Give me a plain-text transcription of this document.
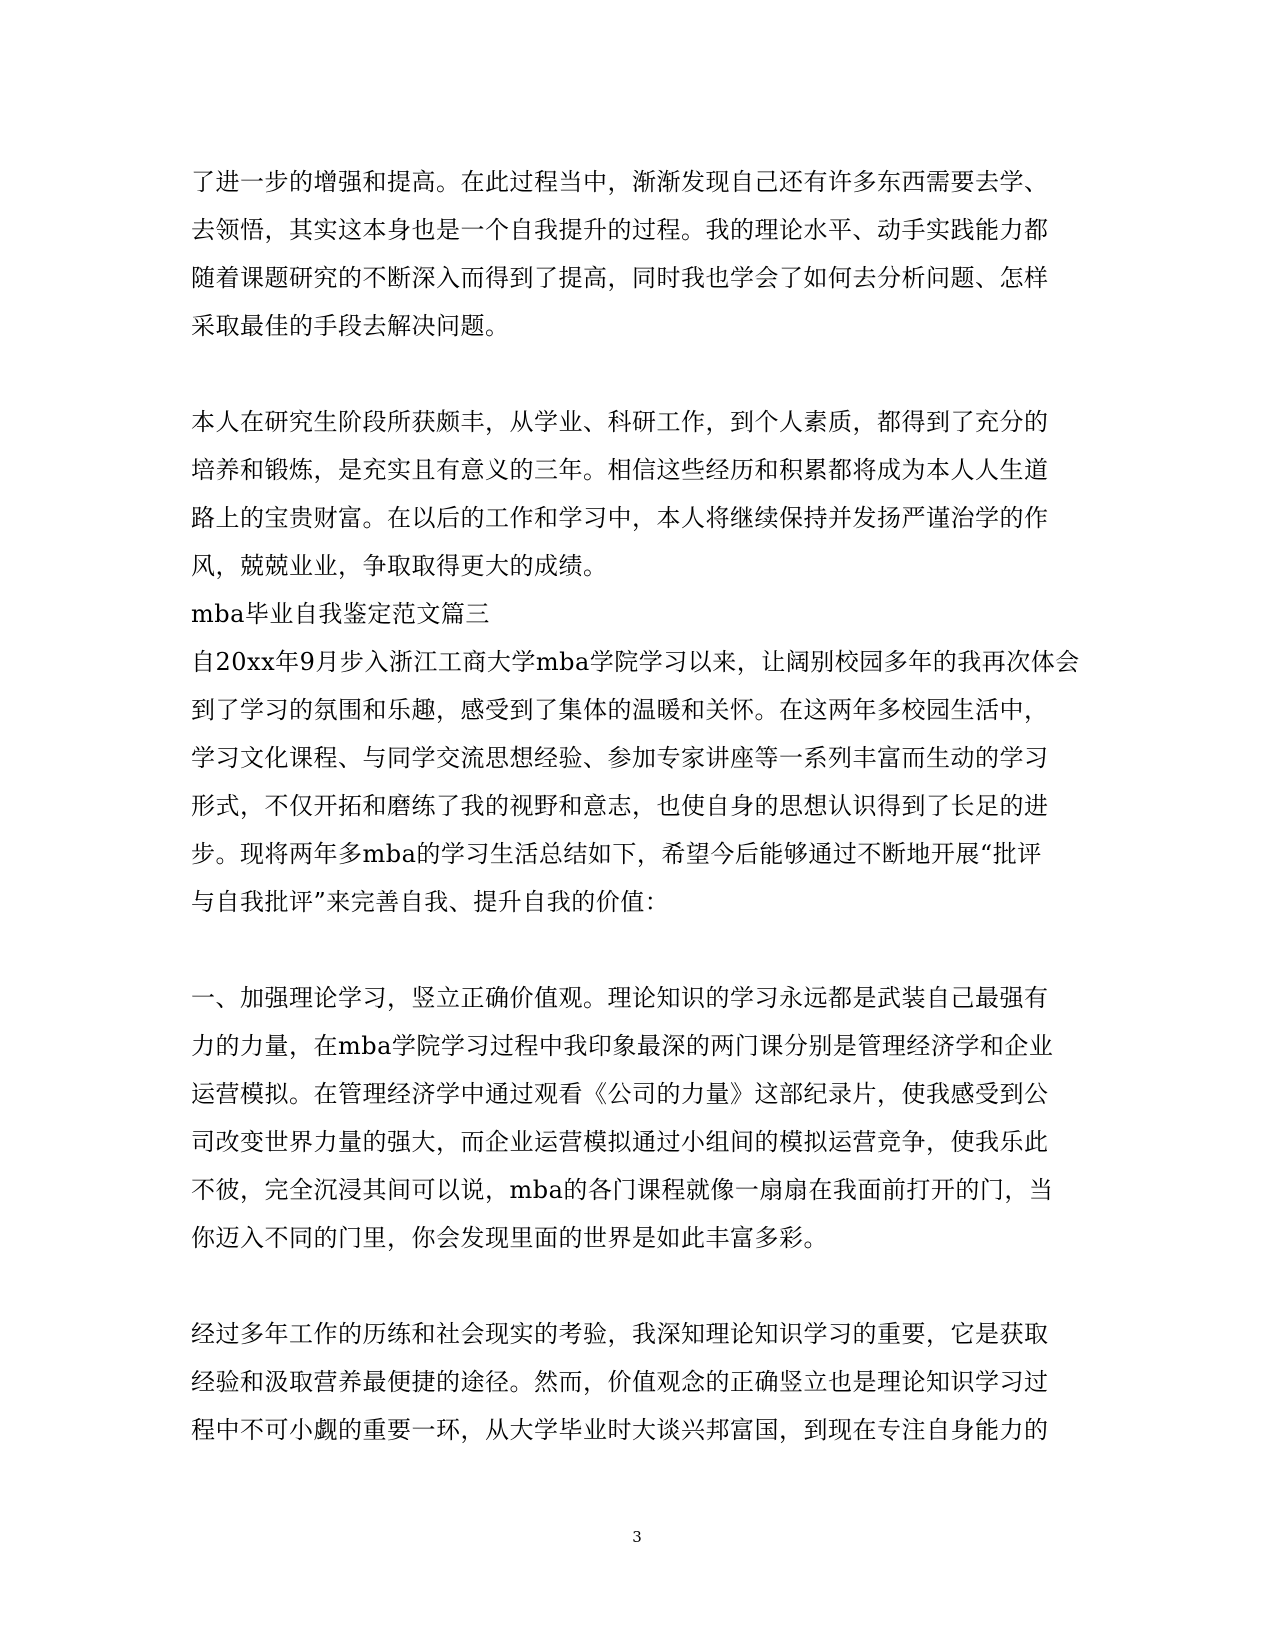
了进一步的增强和提高。在此过程当中，渐渐发现自己还有许多东西需要去学、
去领悟，其实这本身也是一个自我提升的过程。我的理论水平、动手实践能力都
随着课题研究的不断深入而得到了提高，同时我也学会了如何去分析问题、怎样
采取最佳的手段去解决问题。
本人在研究生阶段所获颇丰，从学业、科研工作，到个人素质，都得到了充分的
培养和锻炼，是充实且有意义的三年。相信这些经历和积累都将成为本人人生道
路上的宝贵财富。在以后的工作和学习中，本人将继续保持并发扬严谨治学的作
风，兢兢业业，争取取得更大的成绩。
mba毕业自我鉴定范文篇三
自20xx年9月步入浙江工商大学mba学院学习以来，让阔别校园多年的我再次体会
到了学习的氛围和乐趣，感受到了集体的温暖和关怀。在这两年多校园生活中，
学习文化课程、与同学交流思想经验、参加专家讲座等一系列丰富而生动的学习
形式，不仅开拓和磨练了我的视野和意志，也使自身的思想认识得到了长足的进
步。现将两年多mba的学习生活总结如下，希望今后能够通过不断地开展“批评
与自我批评”来完善自我、提升自我的价值：
一、加强理论学习，竖立正确价值观。理论知识的学习永远都是武装自己最强有
力的力量，在mba学院学习过程中我印象最深的两门课分别是管理经济学和企业
运营模拟。在管理经济学中通过观看《公司的力量》这部纪录片，使我感受到公
司改变世界力量的强大，而企业运营模拟通过小组间的模拟运营竞争，使我乐此
不彼，完全沉浸其间可以说，mba的各门课程就像一扇扇在我面前打开的门，当
你迈入不同的门里，你会发现里面的世界是如此丰富多彩。
经过多年工作的历练和社会现实的考验，我深知理论知识学习的重要，它是获取
经验和汲取营养最便捷的途径。然而，价值观念的正确竖立也是理论知识学习过
程中不可小觑的重要一环，从大学毕业时大谈兴邦富国，到现在专注自身能力的
3
